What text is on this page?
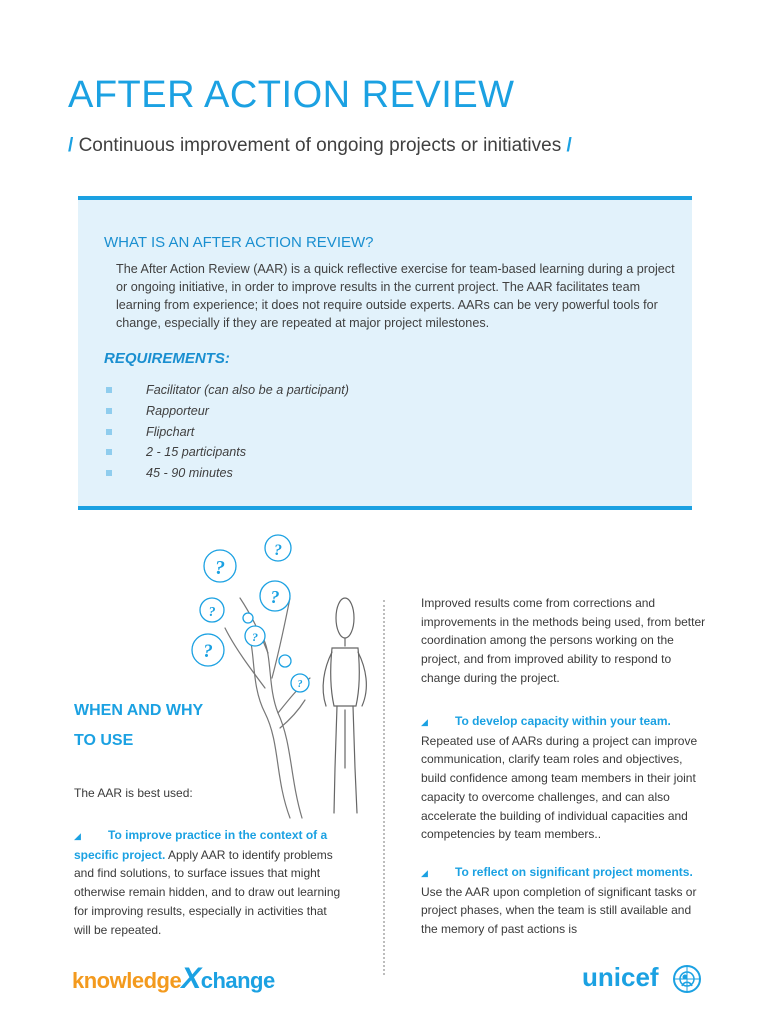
AFTER ACTION REVIEW

/ Continuous improvement of ongoing projects or initiatives /

WHAT IS AN AFTER ACTION REVIEW?

The After Action Review (AAR) is a quick reflective exercise for team-based learning during a project or ongoing initiative, in order to improve results in the current project. The AAR facilitates team learning from experience; it does not require outside experts. AARs can be very powerful tools for change, especially if they are repeated at major project milestones.

REQUIREMENTS:
Facilitator (can also be a participant)
Rapporteur
Flipchart
2 - 15 participants
45 - 90 minutes
?
?
?
?
?
?
?
WHEN AND WHY
TO USE

The AAR is best used:

◢ To improve practice in the context of a specific project. Apply AAR to identify problems and find solutions, to surface issues that might otherwise remain hidden, and to draw out learning for improving results, especially in activities that will be repeated.

Improved results come from corrections and improvements in the methods being used, from better coordination among the persons working on the project, and from improved ability to respond to change during the project.

◢ To develop capacity within your team. Repeated use of AARs during a project can improve communication, clarify team roles and objectives, build confidence among team members in their joint capacity to overcome challenges, and can also accelerate the building of individual capacities and competencies by team members..

◢ To reflect on significant project moments. Use the AAR upon completion of significant tasks or project phases, when the team is still available and the memory of past actions is

knowledgeXchange	unicef
